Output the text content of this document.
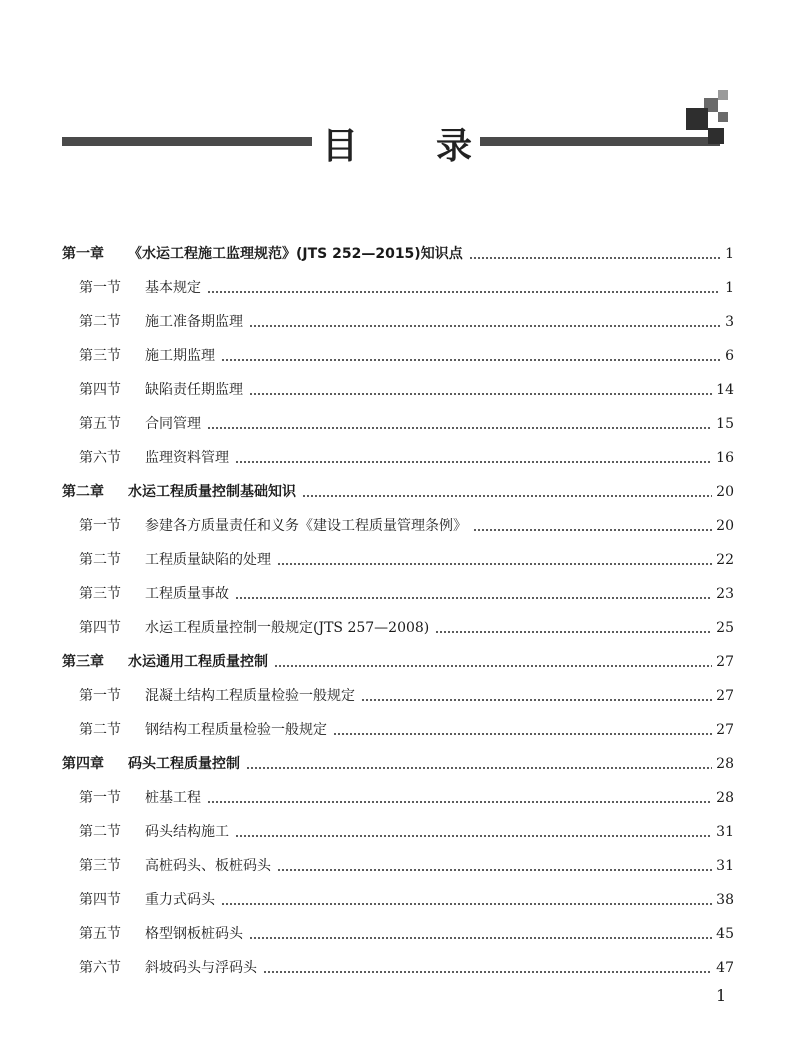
目 录
第一章	《水运工程施工监理规范》(JTS 252—2015)知识点	1
第一节	基本规定	1
第二节	施工准备期监理	3
第三节	施工期监理	6
第四节	缺陷责任期监理	14
第五节	合同管理	15
第六节	监理资料管理	16
第二章	水运工程质量控制基础知识	20
第一节	参建各方质量责任和义务《建设工程质量管理条例》	20
第二节	工程质量缺陷的处理	22
第三节	工程质量事故	23
第四节	水运工程质量控制一般规定(JTS 257—2008)	25
第三章	水运通用工程质量控制	27
第一节	混凝土结构工程质量检验一般规定	27
第二节	钢结构工程质量检验一般规定	27
第四章	码头工程质量控制	28
第一节	桩基工程	28
第二节	码头结构施工	31
第三节	高桩码头、板桩码头	31
第四节	重力式码头	38
第五节	格型钢板桩码头	45
第六节	斜坡码头与浮码头	47
1
